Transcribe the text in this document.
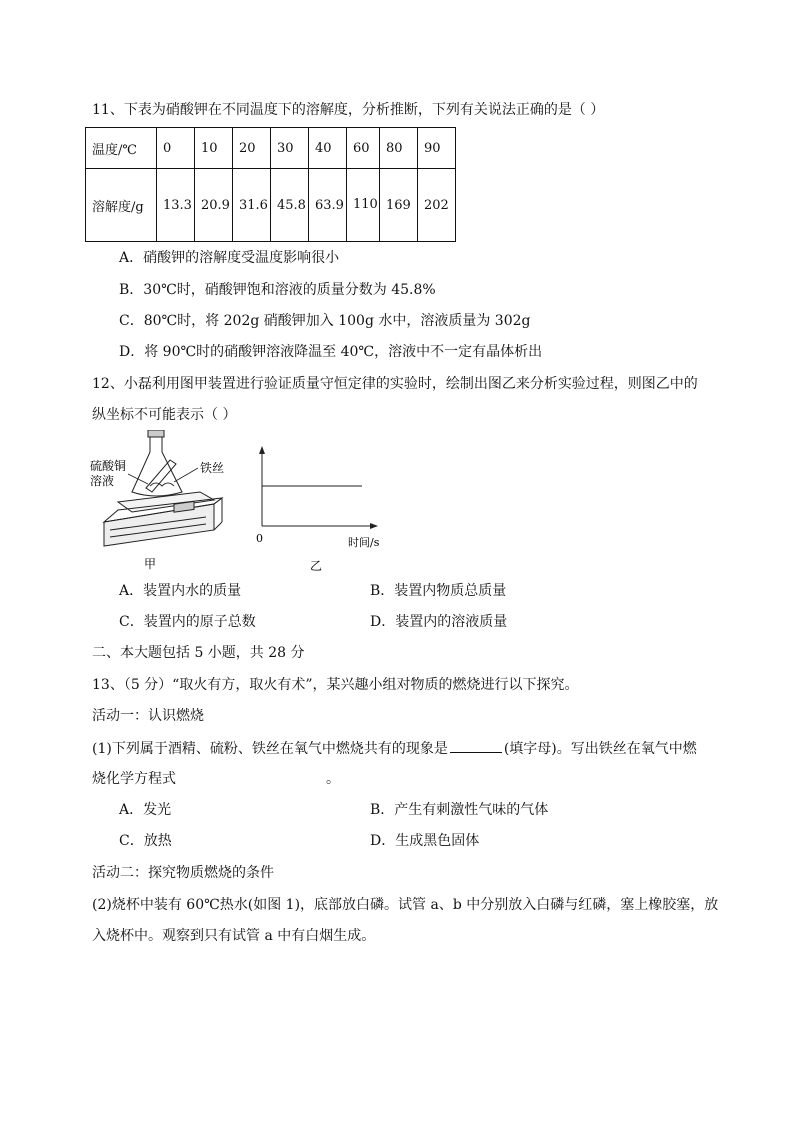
11、下表为硝酸钾在不同温度下的溶解度，分析推断，下列有关说法正确的是（ ）
温度/℃	0	10	20	30	40	60	80	90
溶解度/g	13.3	20.9	31.6	45.8	63.9	110	169	202
A．硝酸钾的溶解度受温度影响很小
B．30℃时，硝酸钾饱和溶液的质量分数为 45.8%
C．80℃时，将 202g 硝酸钾加入 100g 水中，溶液质量为 302g
D．将 90℃时的硝酸钾溶液降温至 40℃，溶液中不一定有晶体析出
12、小磊利用图甲装置进行验证质量守恒定律的实验时，绘制出图乙来分析实验过程，则图乙中的
纵坐标不可能表示（ ）
硫酸铜
溶液
铁丝
甲
0	时间/s
乙
A．装置内水的质量	B．装置内物质总质量
C．装置内的原子总数	D．装置内的溶液质量
二、本大题包括 5 小题，共 28 分
13、（5 分）“取火有方，取火有术”，某兴趣小组对物质的燃烧进行以下探究。
活动一：认识燃烧
(1)下列属于酒精、硫粉、铁丝在氧气中燃烧共有的现象是	(填字母)。写出铁丝在氧气中燃
烧化学方程式	。
A．发光	B．产生有刺激性气味的气体
C．放热	D．生成黑色固体
活动二：探究物质燃烧的条件
(2)烧杯中装有 60℃热水(如图 1)，底部放白磷。试管 a、b 中分别放入白磷与红磷，塞上橡胶塞，放
入烧杯中。观察到只有试管 a 中有白烟生成。
